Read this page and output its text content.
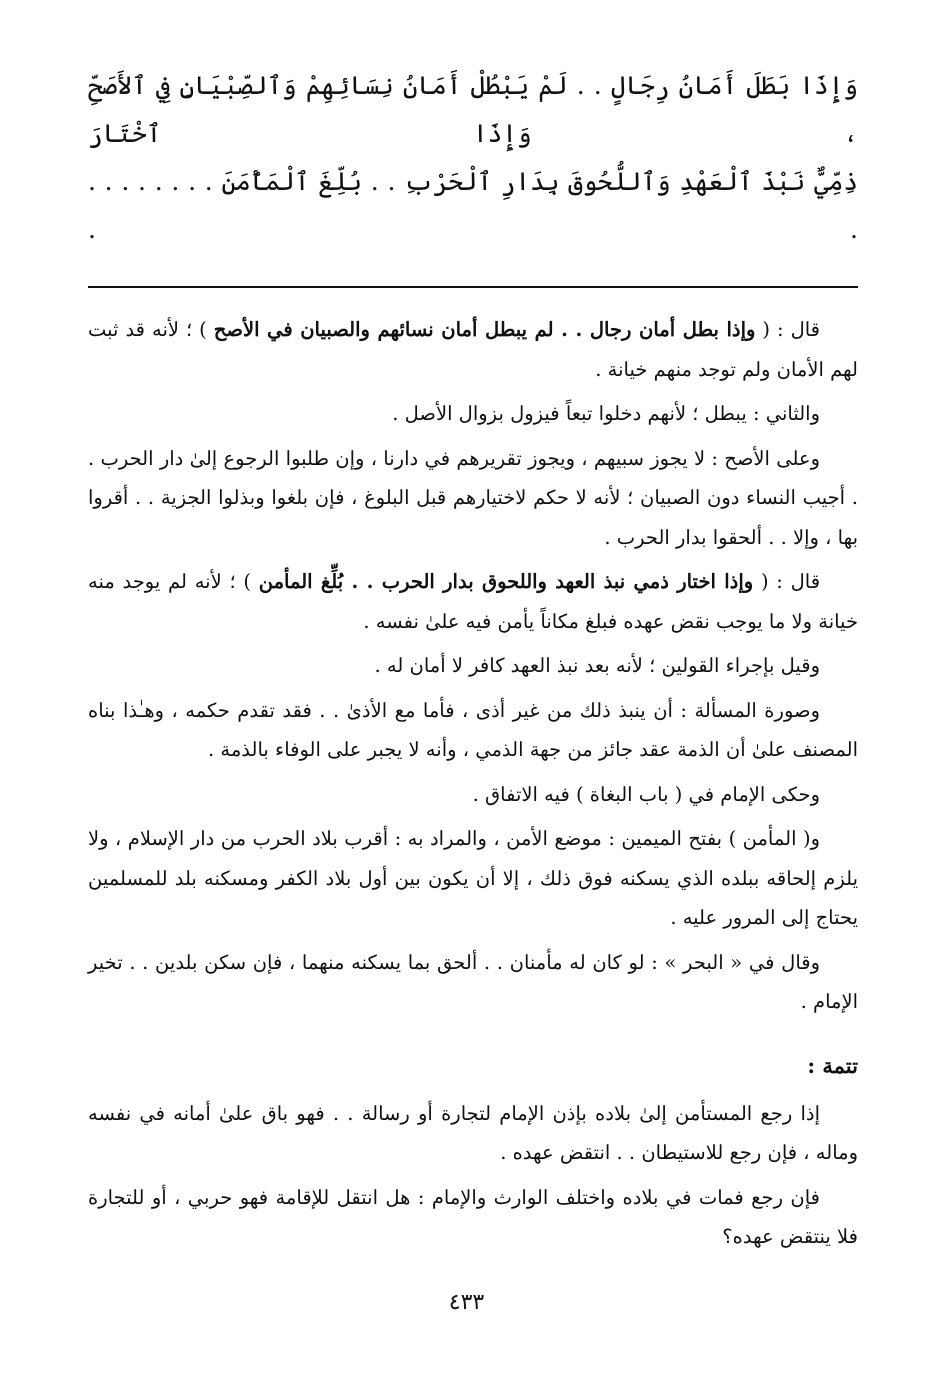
وَإِذَا بَطَلَ أَمَانُ رِجَالٍ . . لَمْ يَبْطُلْ أَمَانُ نِسَائِهِمْ وَٱلصِّبْيَانِ فِي ٱلأَصَحِّ ، وَإِذَا ٱخْتَارَ

ذِمِّيٌّ نَبْذَ ٱلْعَهْدِ وَٱللُّحُوقَ بِدَارِ ٱلْحَرْبِ . . بُلِّغَ ٱلْمَأْمَنَ . . . . . . . . . .

قال : ( وإذا بطل أمان رجال . . لم يبطل أمان نسائهم والصبيان في الأصح ) ؛ لأنه قد ثبت لهم الأمان ولم توجد منهم خيانة .

والثاني : يبطل ؛ لأنهم دخلوا تبعاً فيزول بزوال الأصل .

وعلى الأصح : لا يجوز سبيهم ، ويجوز تقريرهم في دارنا ، وإن طلبوا الرجوع إلىٰ دار الحرب . . أجيب النساء دون الصبيان ؛ لأنه لا حكم لاختيارهم قبل البلوغ ، فإن بلغوا وبذلوا الجزية . . أقروا بها ، وإلا . . ألحقوا بدار الحرب .

قال : ( وإذا اختار ذمي نبذ العهد واللحوق بدار الحرب . . بُلِّغ المأمن ) ؛ لأنه لم يوجد منه خيانة ولا ما يوجب نقض عهده فبلغ مكاناً يأمن فيه علىٰ نفسه .

وقيل بإجراء القولين ؛ لأنه بعد نبذ العهد كافر لا أمان له .

وصورة المسألة : أن ينبذ ذلك من غير أذى ، فأما مع الأذىٰ . . فقد تقدم حكمه ، وهـٰذا بناه المصنف علىٰ أن الذمة عقد جائز من جهة الذمي ، وأنه لا يجبر على الوفاء بالذمة .

وحكى الإمام في ( باب البغاة ) فيه الاتفاق .

و( المأمن ) بفتح الميمين : موضع الأمن ، والمراد به : أقرب بلاد الحرب من دار الإسلام ، ولا يلزم إلحاقه ببلده الذي يسكنه فوق ذلك ، إلا أن يكون بين أول بلاد الكفر ومسكنه بلد للمسلمين يحتاج إلى المرور عليه .

وقال في « البحر » : لو كان له مأمنان . . ألحق بما يسكنه منهما ، فإن سكن بلدين . . تخير الإمام .

تتمة :

إذا رجع المستأمن إلىٰ بلاده بإذن الإمام لتجارة أو رسالة . . فهو باق علىٰ أمانه في نفسه وماله ، فإن رجع للاستيطان . . انتقض عهده .

فإن رجع فمات في بلاده واختلف الوارث والإمام : هل انتقل للإقامة فهو حربي ، أو للتجارة فلا ينتقض عهده؟

٤٣٣
